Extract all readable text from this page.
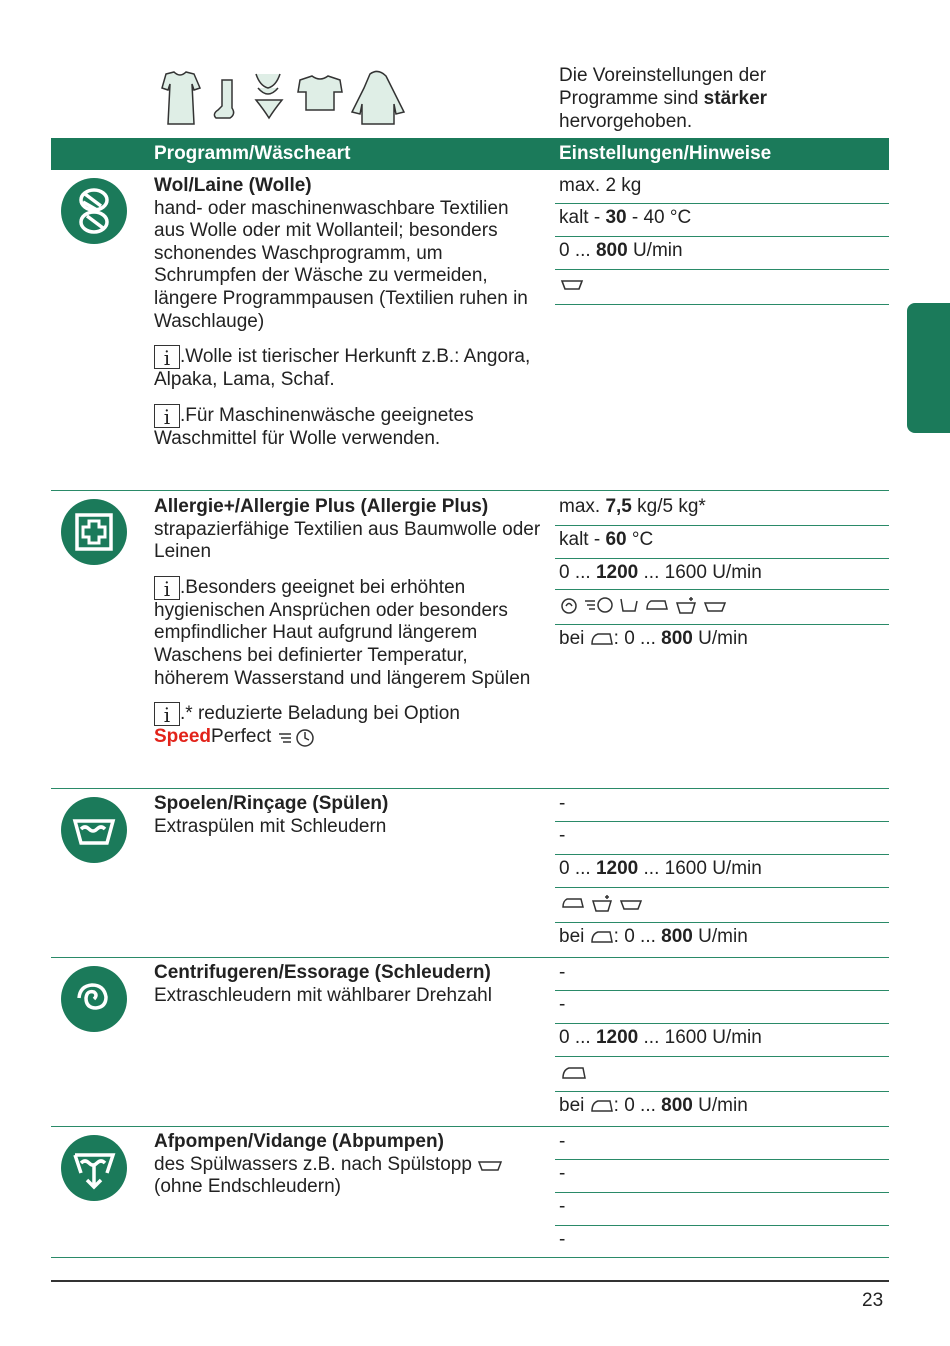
Die Voreinstellungen der
Programme sind stärker
hervorgehoben.
Programm/Wäscheart	Einstellungen/Hinweise
Wol/Laine (Wolle)
hand- oder maschinenwaschbare Textilien aus Wolle oder mit Wollanteil; besonders schonendes Waschprogramm, um Schrumpfen der Wäsche zu vermeiden, längere Programmpausen (Textilien ruhen in Waschlauge)
i .Wolle ist tierischer Herkunft z.B.: Angora, Alpaka, Lama, Schaf.
i .Für Maschinenwäsche geeignetes Waschmittel für Wolle verwenden.
max. 2 kg
kalt - 30 - 40 °C
0 ... 800 U/min
Allergie+/Allergie Plus (Allergie Plus)
strapazierfähige Textilien aus Baumwolle oder Leinen
i .Besonders geeignet bei erhöhten hygienischen Ansprüchen oder besonders empfindlicher Haut aufgrund längerem Waschens bei definierter Temperatur, höherem Wasserstand und längerem Spülen
i .* reduzierte Beladung bei Option
SpeedPerfect
max. 7,5 kg/5 kg*
kalt - 60 °C
0 ... 1200 ... 1600 U/min
bei : 0 ... 800 U/min
Spoelen/Rinçage (Spülen)
Extraspülen mit Schleudern
-
-
0 ... 1200 ... 1600 U/min
bei : 0 ... 800 U/min
Centrifugeren/Essorage (Schleudern)
Extraschleudern mit wählbarer Drehzahl
-
-
0 ... 1200 ... 1600 U/min
bei : 0 ... 800 U/min
Afpompen/Vidange (Abpumpen)
des Spülwassers z.B. nach Spülstopp
(ohne Endschleudern)
-
-
-
-
23
